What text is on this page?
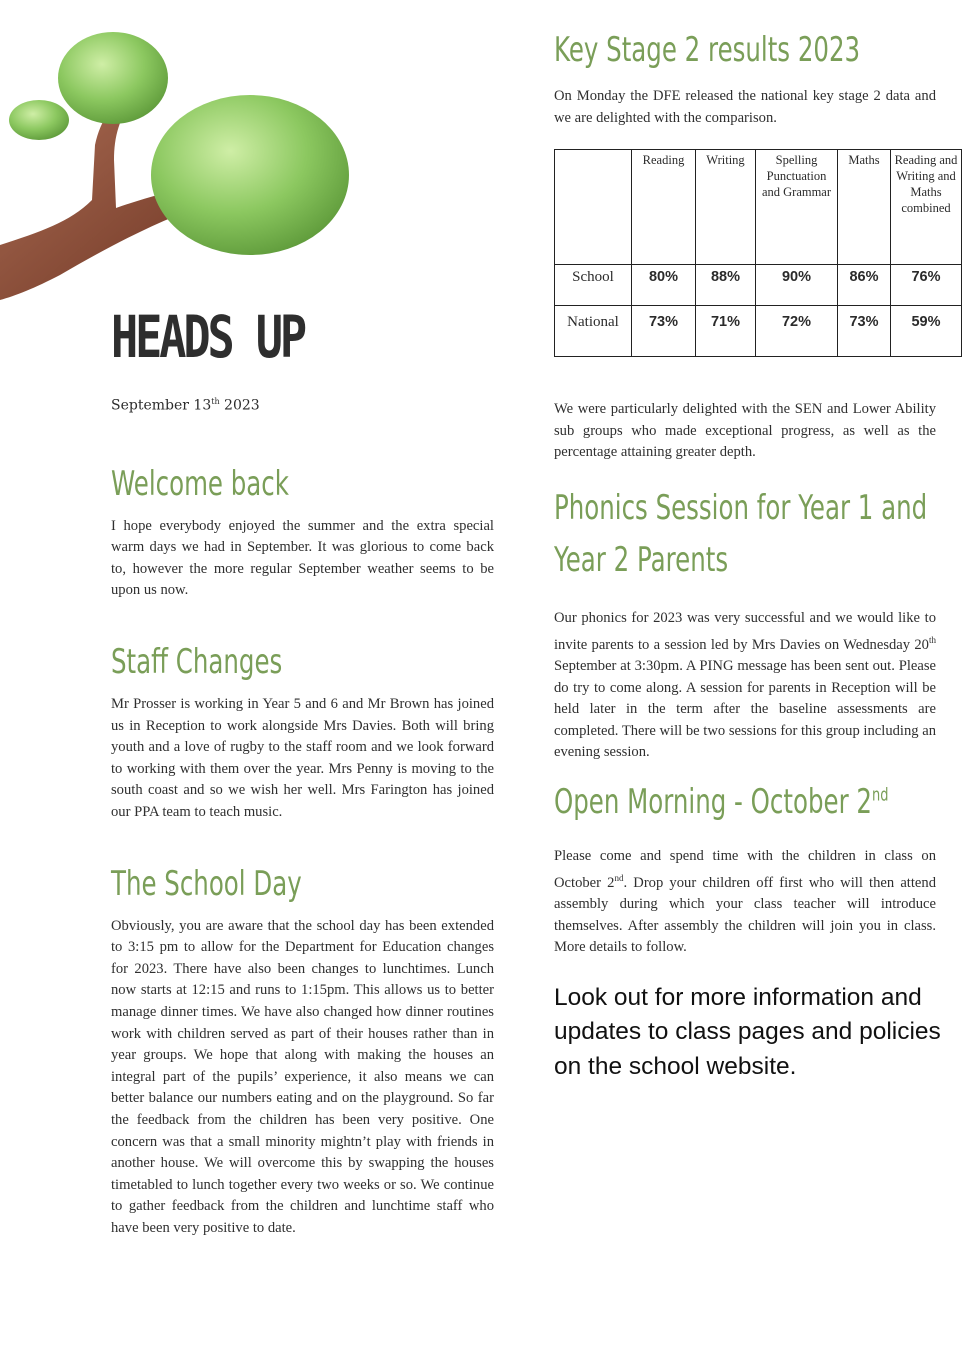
HEADS UP

September 13th 2023

Welcome back

I hope everybody enjoyed the summer and the extra special warm days we had in September. It was glorious to come back to, however the more regular September weather seems to be upon us now.

Staff Changes

Mr Prosser is working in Year 5 and 6 and Mr Brown has joined us in Reception to work alongside Mrs Davies. Both will bring youth and a love of rugby to the staff room and we look forward to working with them over the year. Mrs Penny is moving to the south coast and so we wish her well. Mrs Farington has joined our PPA team to teach music.

The School Day

Obviously, you are aware that the school day has been extended to 3:15 pm to allow for the Department for Education changes for 2023. There have also been changes to lunchtimes. Lunch now starts at 12:15 and runs to 1:15pm. This allows us to better manage dinner times. We have also changed how dinner routines work with children served as part of their houses rather than in year groups. We hope that along with making the houses an integral part of the pupils’ experience, it also means we can better balance our numbers eating and on the playground. So far the feedback from the children has been very positive. One concern was that a small minority mightn’t play with friends in another house. We will overcome this by swapping the houses timetabled to lunch together every two weeks or so. We continue to gather feedback from the children and lunchtime staff who have been very positive to date.

Key Stage 2 results 2023

On Monday the DFE released the national key stage 2 data and we are delighted with the comparison.

	Reading	Writing	Spelling Punctuation and Grammar	Maths	Reading and Writing and Maths combined
School	80%	88%	90%	86%	76%
National	73%	71%	72%	73%	59%

We were particularly delighted with the SEN and Lower Ability sub groups who made exceptional progress, as well as the percentage attaining greater depth.

Phonics Session for Year 1 and Year 2 Parents

Our phonics for 2023 was very successful and we would like to invite parents to a session led by Mrs Davies on Wednesday 20th September at 3:30pm. A PING message has been sent out. Please do try to come along. A session for parents in Reception will be held later in the term after the baseline assessments are completed. There will be two sessions for this group including an evening session.

Open Morning - October 2nd

Please come and spend time with the children in class on October 2nd. Drop your children off first who will then attend assembly during which your class teacher will introduce themselves. After assembly the children will join you in class. More details to follow.

Look out for more information and updates to class pages and policies on the school website.
